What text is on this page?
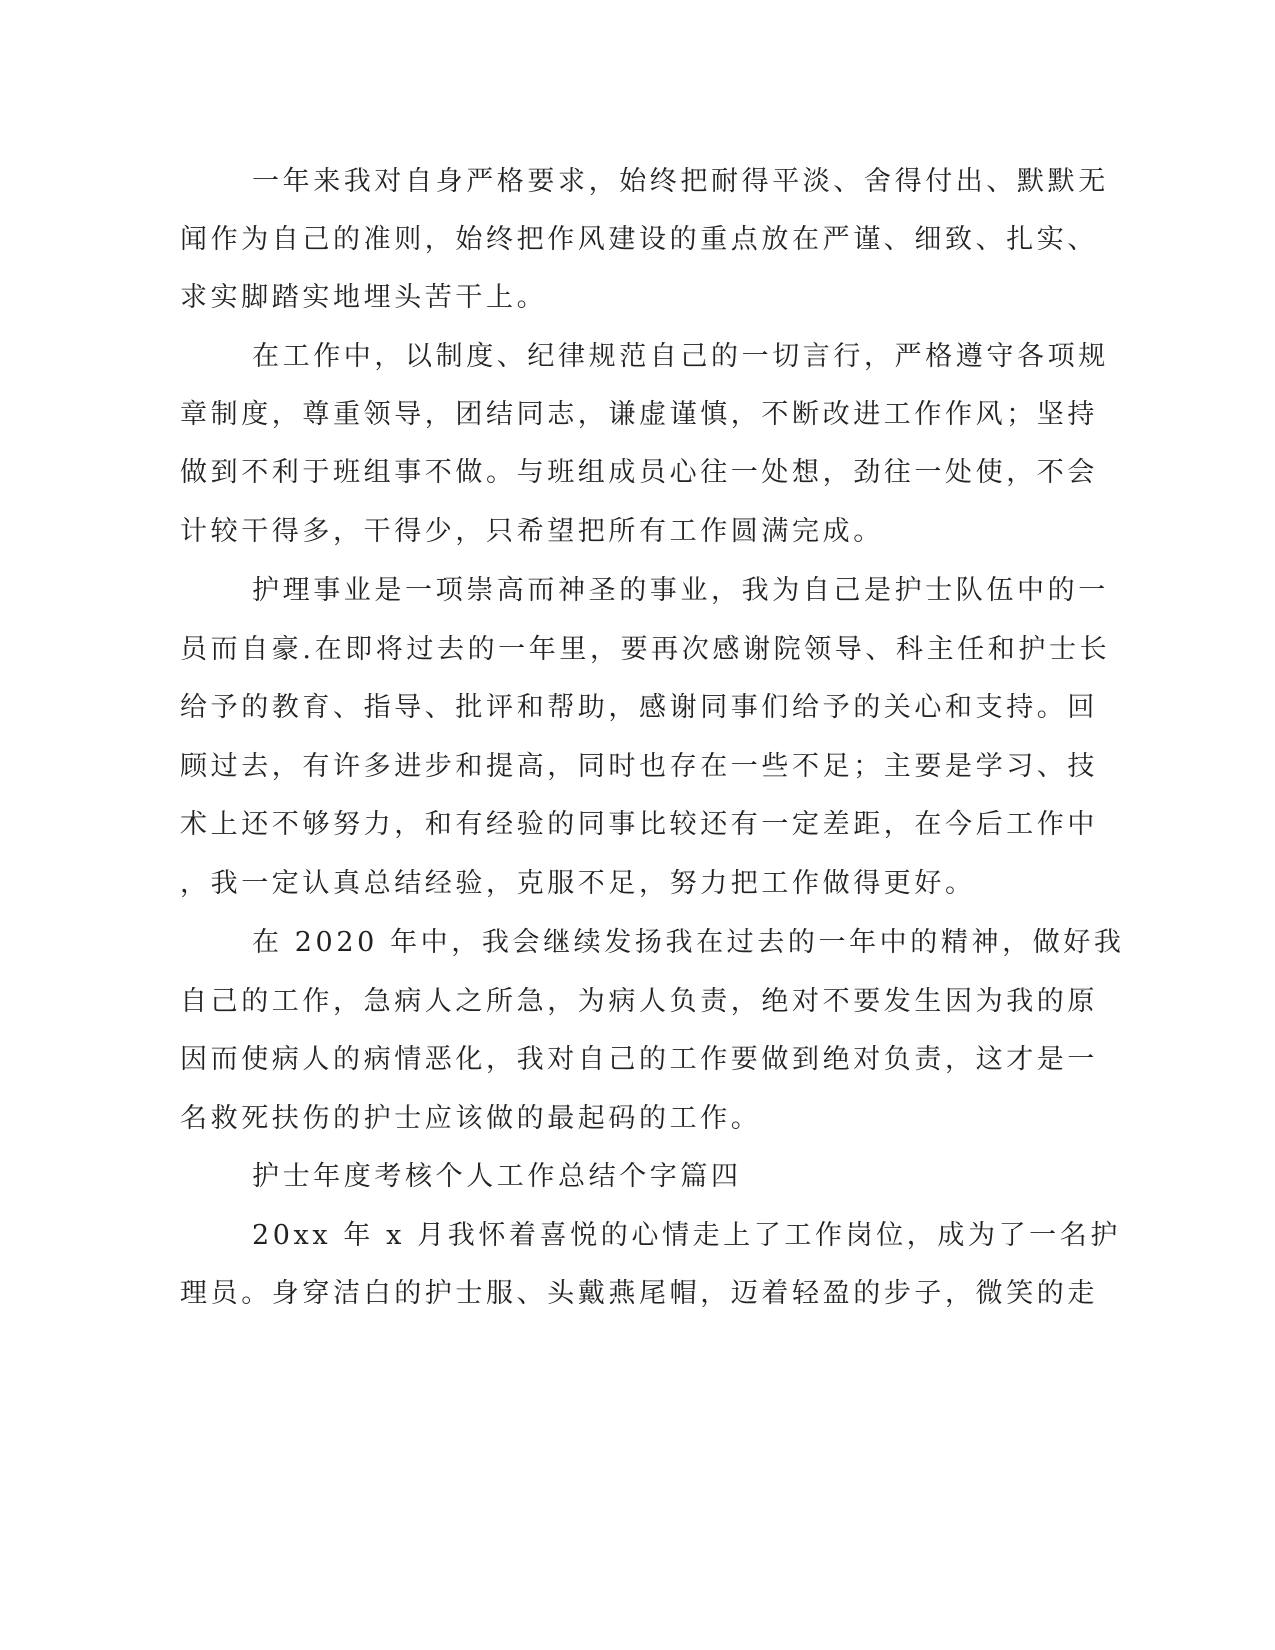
一年来我对自身严格要求，始终把耐得平淡、舍得付出、默默无
闻作为自己的准则，始终把作风建设的重点放在严谨、细致、扎实、
求实脚踏实地埋头苦干上。
在工作中，以制度、纪律规范自己的一切言行，严格遵守各项规
章制度，尊重领导，团结同志，谦虚谨慎，不断改进工作作风；坚持
做到不利于班组事不做。与班组成员心往一处想，劲往一处使，不会
计较干得多，干得少，只希望把所有工作圆满完成。
护理事业是一项崇高而神圣的事业，我为自己是护士队伍中的一
员而自豪.在即将过去的一年里，要再次感谢院领导、科主任和护士长
给予的教育、指导、批评和帮助，感谢同事们给予的关心和支持。回
顾过去，有许多进步和提高，同时也存在一些不足；主要是学习、技
术上还不够努力，和有经验的同事比较还有一定差距，在今后工作中
，我一定认真总结经验，克服不足，努力把工作做得更好。
在 2020 年中，我会继续发扬我在过去的一年中的精神，做好我
自己的工作，急病人之所急，为病人负责，绝对不要发生因为我的原
因而使病人的病情恶化，我对自己的工作要做到绝对负责，这才是一
名救死扶伤的护士应该做的最起码的工作。
护士年度考核个人工作总结个字篇四
20xx 年 x 月我怀着喜悦的心情走上了工作岗位，成为了一名护
理员。身穿洁白的护士服、头戴燕尾帽，迈着轻盈的步子，微笑的走
